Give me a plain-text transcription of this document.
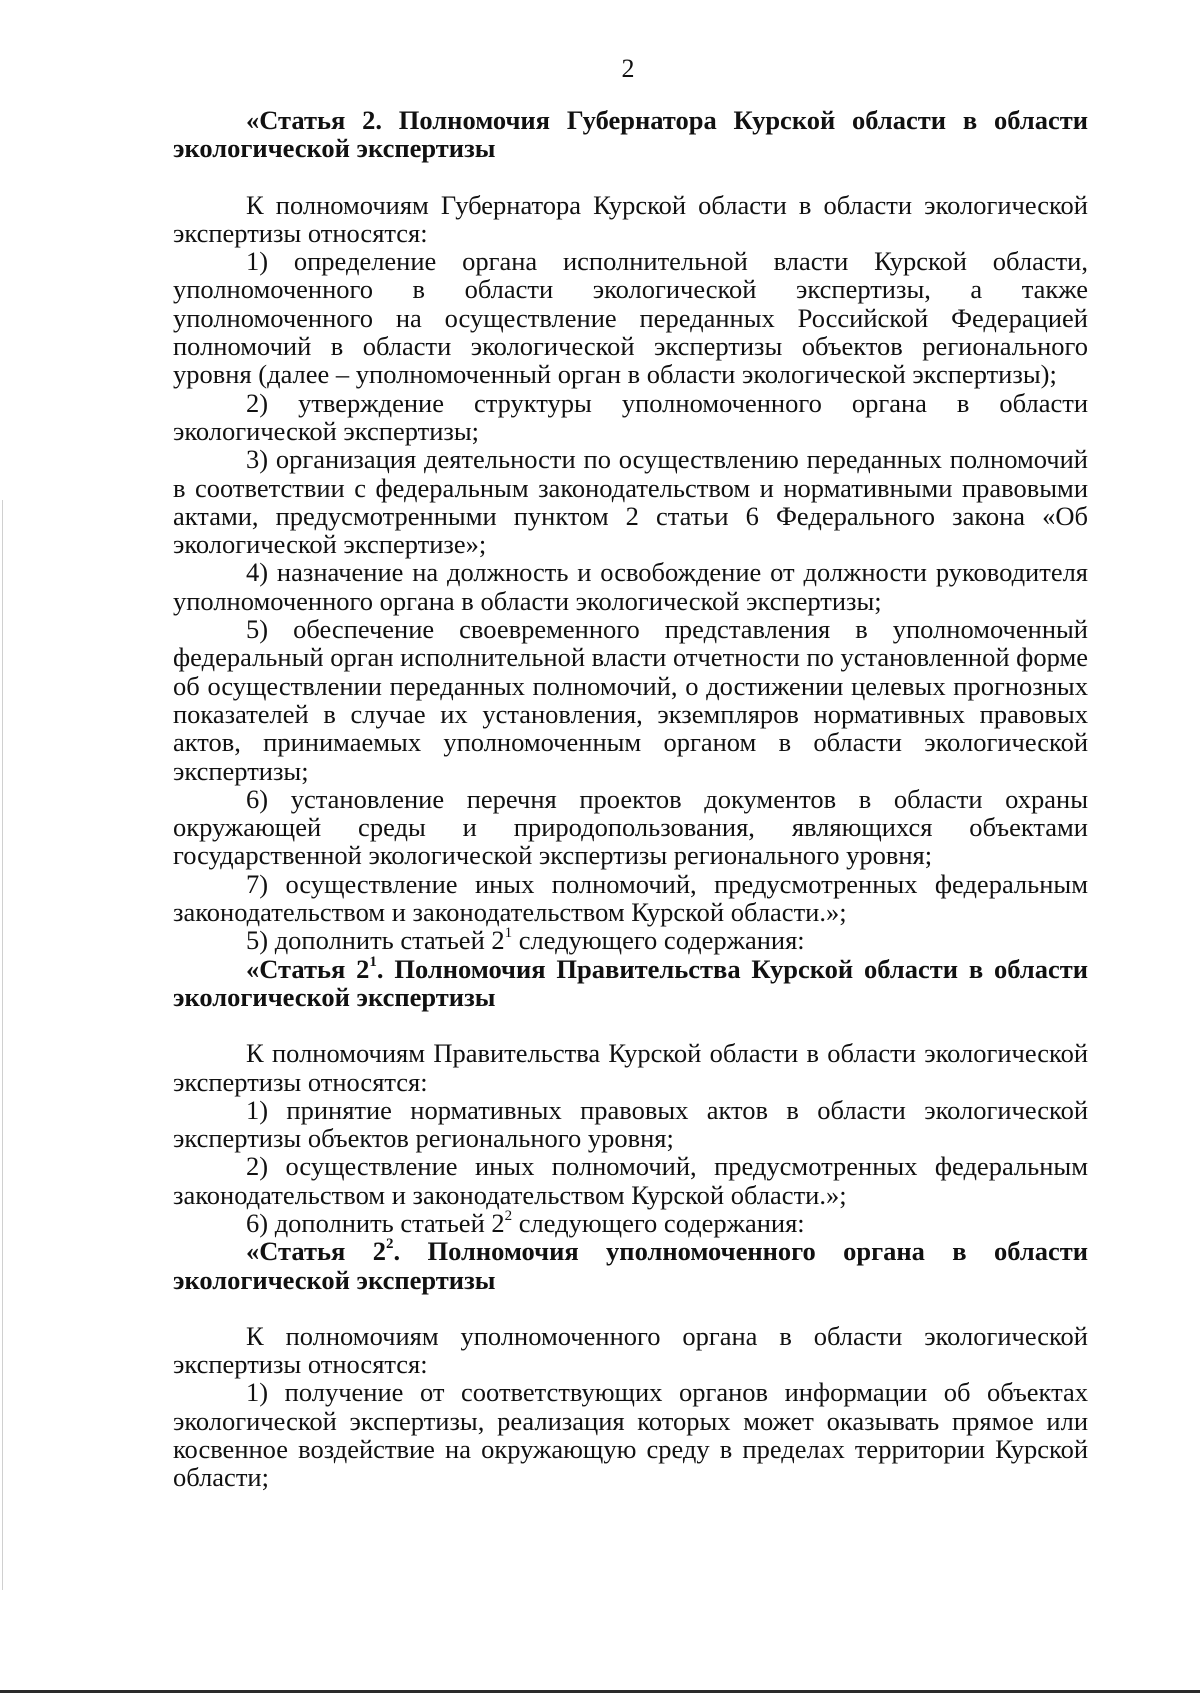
2

«Статья 2. Полномочия Губернатора Курской области в области экологической экспертизы

К полномочиям Губернатора Курской области в области экологической экспертизы относятся:

1) определение органа исполнительной власти Курской области, уполномоченного в области экологической экспертизы, а также уполномоченного на осуществление переданных Российской Федерацией полномочий в области экологической экспертизы объектов регионального уровня (далее – уполномоченный орган в области экологической экспертизы);

2) утверждение структуры уполномоченного органа в области экологической экспертизы;

3) организация деятельности по осуществлению переданных полномочий в соответствии с федеральным законодательством и нормативными правовыми актами, предусмотренными пунктом 2 статьи 6 Федерального закона «Об экологической экспертизе»;

4) назначение на должность и освобождение от должности руководителя уполномоченного органа в области экологической экспертизы;

5) обеспечение своевременного представления в уполномоченный федеральный орган исполнительной власти отчетности по установленной форме об осуществлении переданных полномочий, о достижении целевых прогнозных показателей в случае их установления, экземпляров нормативных правовых актов, принимаемых уполномоченным органом в области экологической экспертизы;

6) установление перечня проектов документов в области охраны окружающей среды и природопользования, являющихся объектами государственной экологической экспертизы регионального уровня;

7) осуществление иных полномочий, предусмотренных федеральным законодательством и законодательством Курской области.»;

5) дополнить статьей $2^1$ следующего содержания:

«Статья $2^1$. Полномочия Правительства Курской области в области экологической экспертизы

К полномочиям Правительства Курской области в области экологической экспертизы относятся:

1) принятие нормативных правовых актов в области экологической экспертизы объектов регионального уровня;

2) осуществление иных полномочий, предусмотренных федеральным законодательством и законодательством Курской области.»;

6) дополнить статьей $2^2$ следующего содержания:

«Статья $2^2$. Полномочия уполномоченного органа в области экологической экспертизы

К полномочиям уполномоченного органа в области экологической экспертизы относятся:

1) получение от соответствующих органов информации об объектах экологической экспертизы, реализация которых может оказывать прямое или косвенное воздействие на окружающую среду в пределах территории Курской области;
